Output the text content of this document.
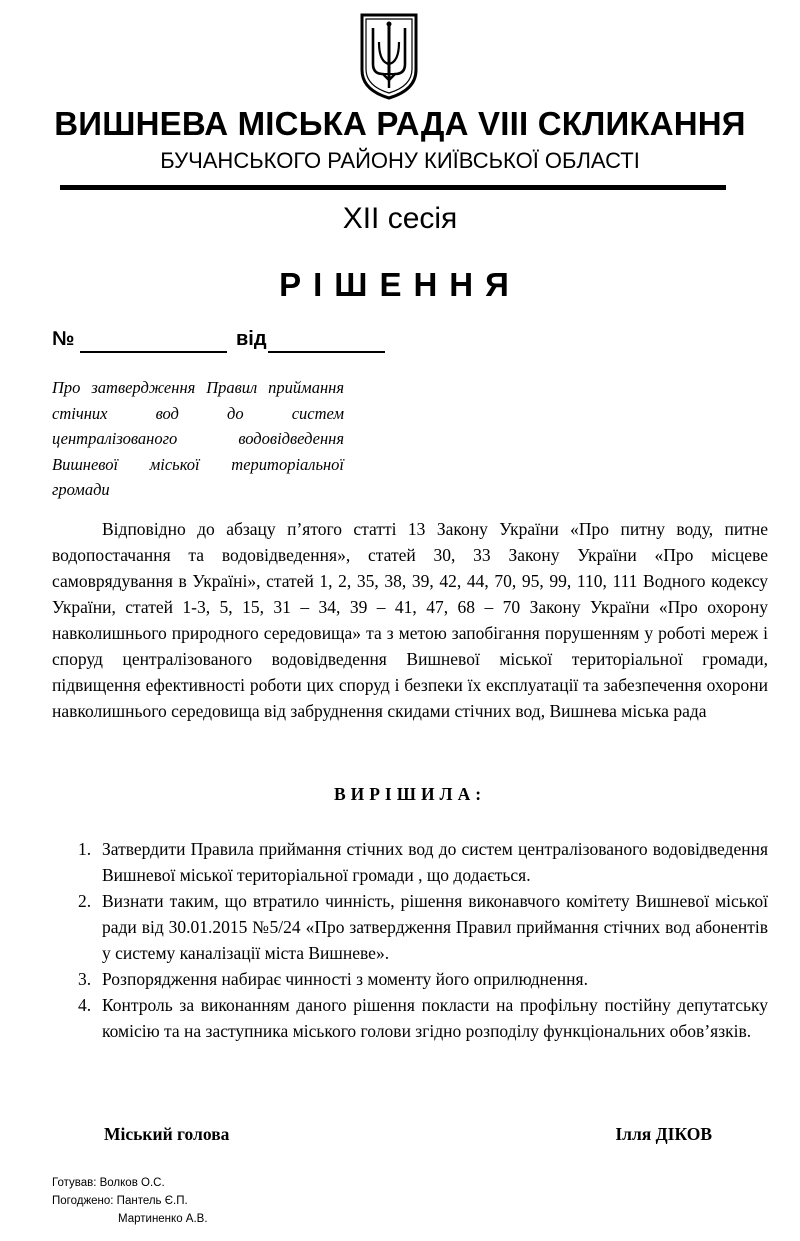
ВИШНЕВА МІСЬКА РАДА VIII СКЛИКАННЯ
БУЧАНСЬКОГО РАЙОНУ КИЇВСЬКОЇ ОБЛАСТІ
XII сесія
РІШЕННЯ
№	від
Про затвердження Правил приймання
стічних вод до систем
централізованого водовідведення
Вишневої міської територіальної
громади
Відповідно до абзацу п’ятого статті 13 Закону України «Про питну воду, питне водопостачання та водовідведення», статей 30, 33 Закону України «Про місцеве самоврядування в Україні», статей 1, 2, 35, 38, 39, 42, 44, 70, 95, 99, 110, 111 Водного кодексу України, статей 1-3, 5, 15, 31 – 34, 39 – 41, 47, 68 – 70 Закону України «Про охорону навколишнього природного середовища» та з метою запобігання порушенням у роботі мереж і споруд централізованого водовідведення Вишневої міської територіальної громади, підвищення ефективності роботи цих споруд і безпеки їх експлуатації та забезпечення охорони навколишнього середовища від забруднення скидами стічних вод, Вишнева міська рада
ВИРІШИЛА:
1. Затвердити Правила приймання стічних вод до систем централізованого водовідведення Вишневої міської територіальної громади , що додається.
2. Визнати таким, що втратило чинність, рішення виконавчого комітету Вишневої міської ради від 30.01.2015 №5/24 «Про затвердження Правил приймання стічних вод абонентів у систему каналізації міста Вишневе».
3. Розпорядження набирає чинності з моменту його оприлюднення.
4. Контроль за виконанням даного рішення покласти на профільну постійну депутатську комісію та на заступника міського голови згідно розподілу функціональних обов’язків.
Міський голова	Ілля ДІКОВ
Готував: Волков О.С.
Погоджено: Пантель Є.П.
Мартиненко А.В.
